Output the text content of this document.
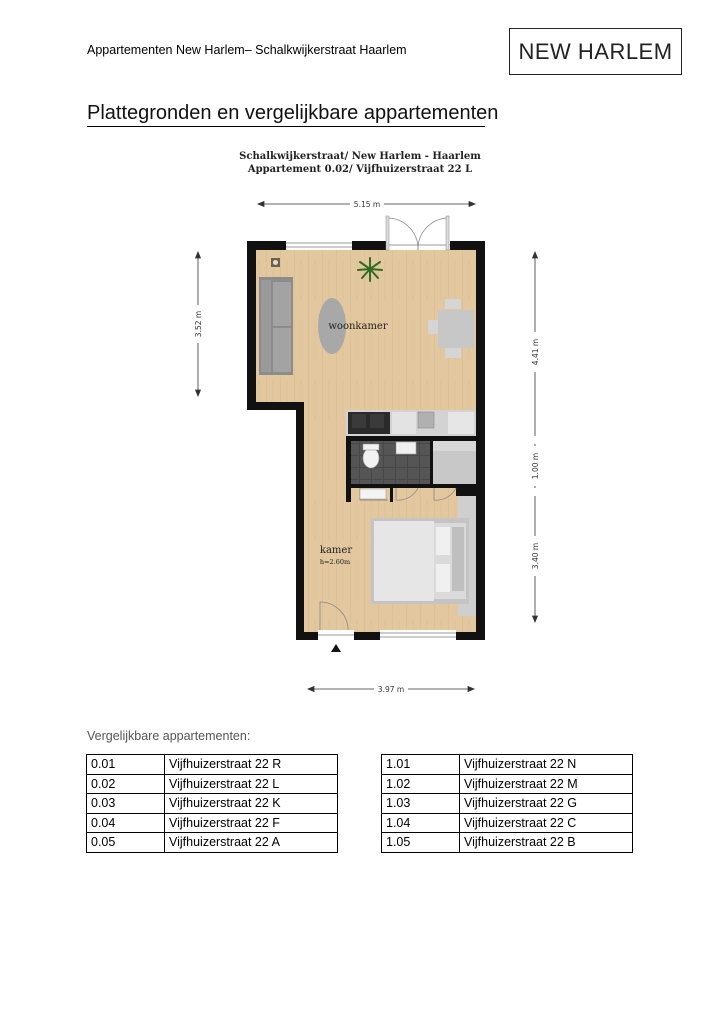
Appartementen New Harlem– Schalkwijkerstraat Haarlem	NEW HARLEM
Plattegronden en vergelijkbare appartementen
Schalkwijkerstraat/ New Harlem - Haarlem
Appartement 0.02/ Vijfhuizerstraat 22 L
5.15 m
3.52 m
4.41 m
1.00 m
3.40 m
3.97 m
woonkamer
kamer
h=2.60m
Vergelijkbare appartementen:
0.01	Vijfhuizerstraat 22 R
0.02	Vijfhuizerstraat 22 L
0.03	Vijfhuizerstraat 22 K
0.04	Vijfhuizerstraat 22 F
0.05	Vijfhuizerstraat 22 A
1.01	Vijfhuizerstraat 22 N
1.02	Vijfhuizerstraat 22 M
1.03	Vijfhuizerstraat 22 G
1.04	Vijfhuizerstraat 22 C
1.05	Vijfhuizerstraat 22 B
